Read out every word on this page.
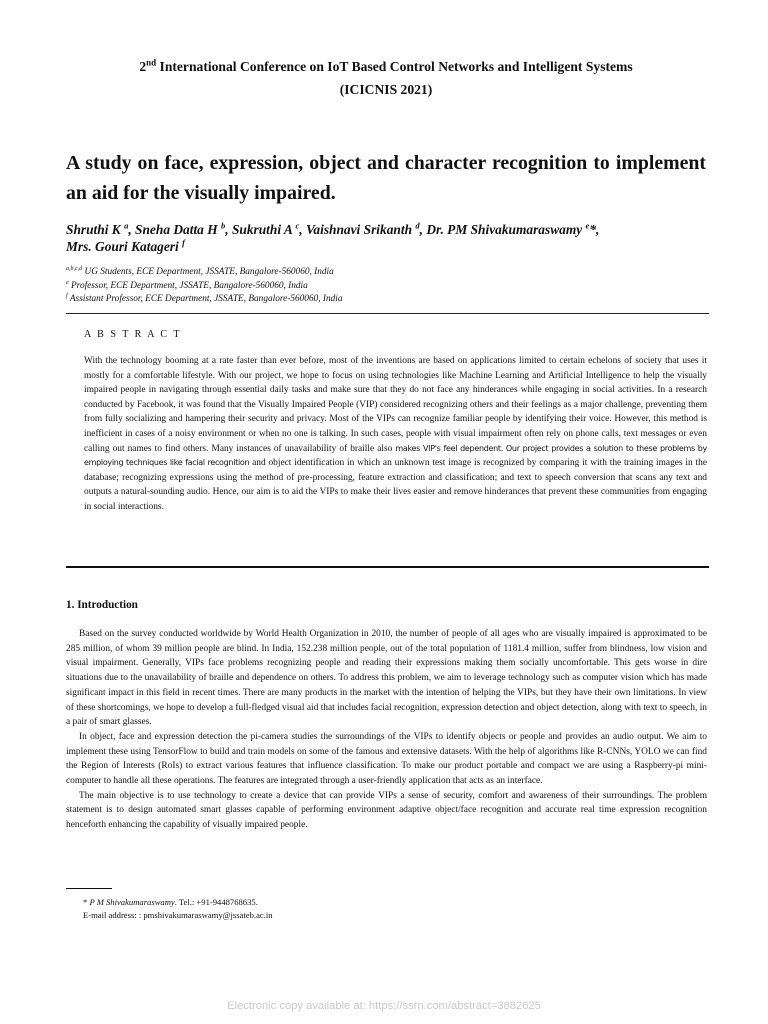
2nd International Conference on IoT Based Control Networks and Intelligent Systems
(ICICNIS 2021)
A study on face, expression, object and character recognition to implement an aid for the visually impaired.
Shruthi K $^a$, Sneha Datta H $^b$, Sukruthi A $^c$, Vaishnavi Srikanth $^d$, Dr. PM Shivakumaraswamy $^e$*,
Mrs. Gouri Katageri $^f$
$^{a,b,c,d}$ UG Students, ECE Department, JSSATE, Bangalore-560060, India
$^e$ Professor, ECE Department, JSSATE, Bangalore-560060, India
$^f$ Assistant Professor, ECE Department, JSSATE, Bangalore-560060, India
A B S T R A C T
With the technology booming at a rate faster than ever before, most of the inventions are based on applications limited to certain echelons of society that uses it mostly for a comfortable lifestyle. With our project, we hope to focus on using technologies like Machine Learning and Artificial Intelligence to help the visually impaired people in navigating through essential daily tasks and make sure that they do not face any hinderances while engaging in social activities. In a research conducted by Facebook, it was found that the Visually Impaired People (VIP) considered recognizing others and their feelings as a major challenge, preventing them from fully socializing and hampering their security and privacy. Most of the VIPs can recognize familiar people by identifying their voice. However, this method is inefficient in cases of a noisy environment or when no one is talking. In such cases, people with visual impairment often rely on phone calls, text messages or even calling out names to find others. Many instances of unavailability of braille also makes VIP's feel dependent. Our project provides a solution to these problems by employing techniques like facial recognition and object identification in which an unknown test image is recognized by comparing it with the training images in the database; recognizing expressions using the method of pre-processing, feature extraction and classification; and text to speech conversion that scans any text and outputs a natural-sounding audio. Hence, our aim is to aid the VIPs to make their lives easier and remove hinderances that prevent these communities from engaging in social interactions.
1. Introduction

Based on the survey conducted worldwide by World Health Organization in 2010, the number of people of all ages who are visually impaired is approximated to be 285 million, of whom 39 million people are blind. In India, 152.238 million people, out of the total population of 1181.4 million, suffer from blindness, low vision and visual impairment. Generally, VIPs face problems recognizing people and reading their expressions making them socially uncomfortable. This gets worse in dire situations due to the unavailability of braille and dependence on others. To address this problem, we aim to leverage technology such as computer vision which has made significant impact in this field in recent times. There are many products in the market with the intention of helping the VIPs, but they have their own limitations. In view of these shortcomings, we hope to develop a full-fledged visual aid that includes facial recognition, expression detection and object detection, along with text to speech, in a pair of smart glasses.

In object, face and expression detection the pi-camera studies the surroundings of the VIPs to identify objects or people and provides an audio output. We aim to implement these using TensorFlow to build and train models on some of the famous and extensive datasets. With the help of algorithms like R-CNNs, YOLO we can find the Region of Interests (RoIs) to extract various features that influence classification. To make our product portable and compact we are using a Raspberry-pi mini-computer to handle all these operations. The features are integrated through a user-friendly application that acts as an interface.

The main objective is to use technology to create a device that can provide VIPs a sense of security, comfort and awareness of their surroundings. The problem statement is to design automated smart glasses capable of performing environment adaptive object/face recognition and accurate real time expression recognition henceforth enhancing the capability of visually impaired people.

* P M Shivakumaraswamy. Tel.: +91-9448768635.
E-mail address: : pmshivakumaraswamy@jssateb.ac.in
Electronic copy available at: https://ssrn.com/abstract=3882625
